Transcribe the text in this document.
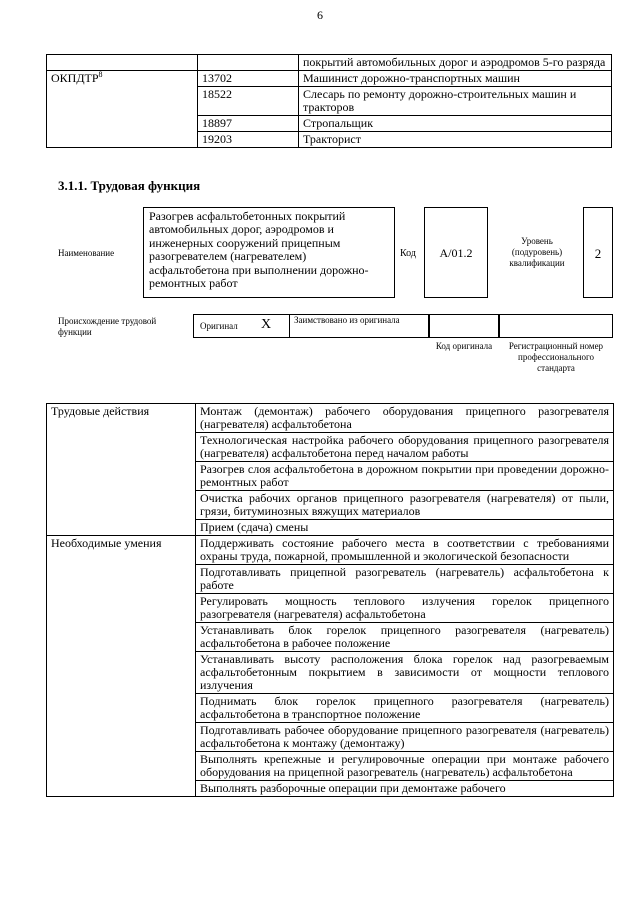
6
		покрытий автомобильных дорог и аэродромов 5-го разряда
ОКПДТР$^8$	13702	Машинист дорожно-транспортных машин
	18522	Слесарь по ремонту дорожно-строительных машин и тракторов
	18897	Стропальщик
	19203	Тракторист
3.1.1. Трудовая функция
Наименование
Разогрев асфальтобетонных покрытий автомобильных дорог, аэродромов и инженерных сооружений прицепным разогревателем (нагревателем) асфальтобетона при выполнении дорожно-ремонтных работ
Код	А/01.2
Уровень (подуровень) квалификации
2
Происхождение трудовой функции
Оригинал X	Заимствовано из оригинала
Код оригинала	Регистрационный номер профессионального стандарта
Трудовые действия	Монтаж (демонтаж) рабочего оборудования прицепного разогревателя (нагревателя) асфальтобетона
	Технологическая настройка рабочего оборудования прицепного разогревателя (нагревателя) асфальтобетона перед началом работы
	Разогрев слоя асфальтобетона в дорожном покрытии при проведении дорожно-ремонтных работ
	Очистка рабочих органов прицепного разогревателя (нагревателя) от пыли, грязи, битуминозных вяжущих материалов
	Прием (сдача) смены
Необходимые умения	Поддерживать состояние рабочего места в соответствии с требованиями охраны труда, пожарной, промышленной и экологической безопасности
	Подготавливать прицепной разогреватель (нагреватель) асфальтобетона к работе
	Регулировать мощность теплового излучения горелок прицепного разогревателя (нагревателя) асфальтобетона
	Устанавливать блок горелок прицепного разогревателя (нагреватель) асфальтобетона в рабочее положение
	Устанавливать высоту расположения блока горелок над разогреваемым асфальтобетонным покрытием в зависимости от мощности теплового излучения
	Поднимать блок горелок прицепного разогревателя (нагреватель) асфальтобетона в транспортное положение
	Подготавливать рабочее оборудование прицепного разогревателя (нагреватель) асфальтобетона к монтажу (демонтажу)
	Выполнять крепежные и регулировочные операции при монтаже рабочего оборудования на прицепной разогреватель (нагреватель) асфальтобетона
	Выполнять разборочные операции при демонтаже рабочего
